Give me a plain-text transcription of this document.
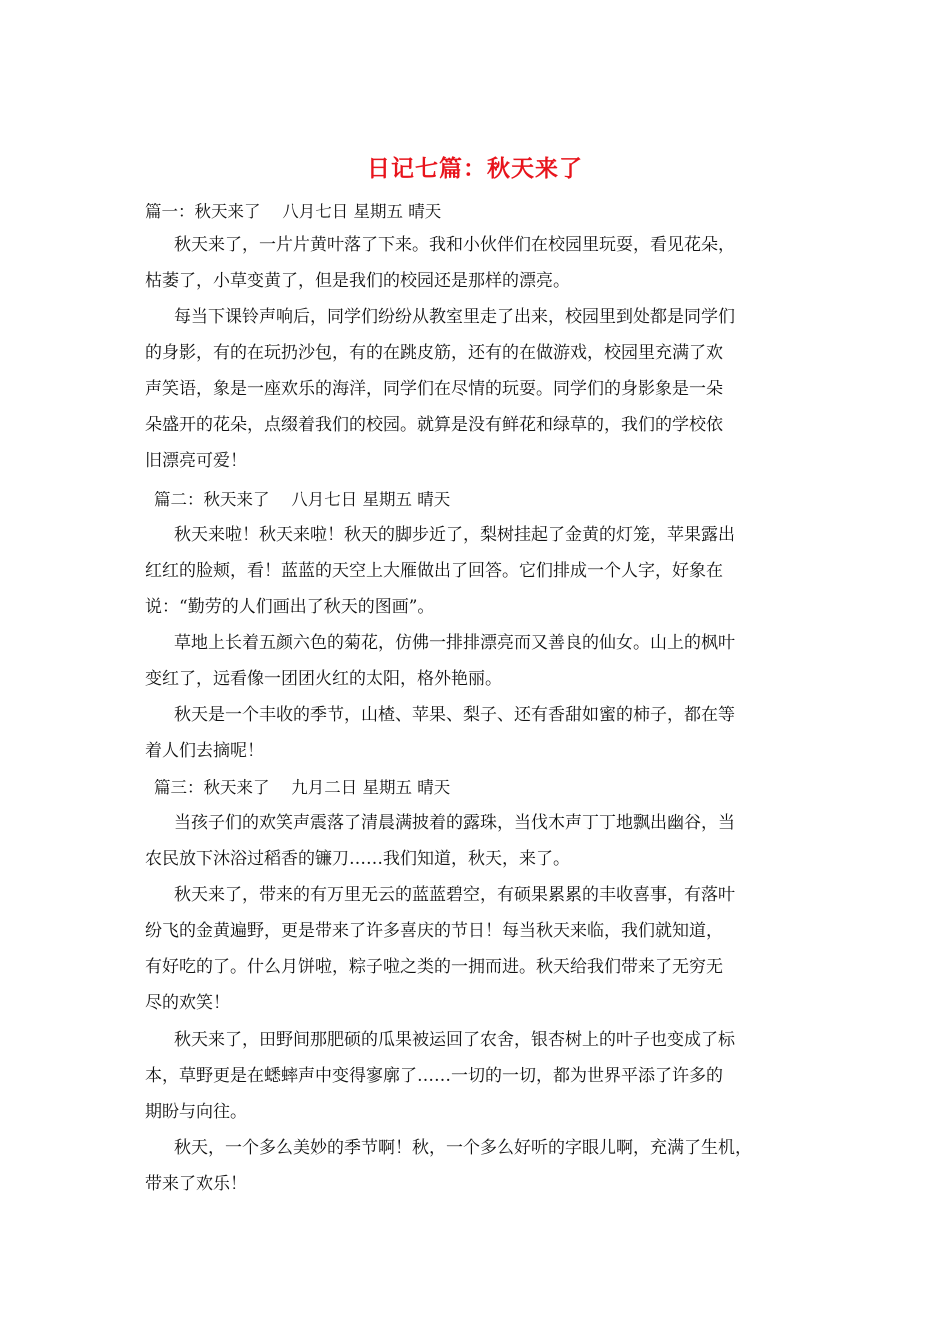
日记七篇：秋天来了
篇一：秋天来了　 八月七日 星期五 晴天
秋天来了，一片片黄叶落了下来。我和小伙伴们在校园里玩耍，看见花朵，
枯萎了，小草变黄了，但是我们的校园还是那样的漂亮。
每当下课铃声响后，同学们纷纷从教室里走了出来，校园里到处都是同学们
的身影，有的在玩扔沙包，有的在跳皮筋，还有的在做游戏，校园里充满了欢
声笑语，象是一座欢乐的海洋，同学们在尽情的玩耍。同学们的身影象是一朵
朵盛开的花朵，点缀着我们的校园。就算是没有鲜花和绿草的，我们的学校依
旧漂亮可爱！
篇二：秋天来了　 八月七日 星期五 晴天
秋天来啦！秋天来啦！秋天的脚步近了，梨树挂起了金黄的灯笼，苹果露出
红红的脸颊，看！蓝蓝的天空上大雁做出了回答。它们排成一个人字，好象在
说：“勤劳的人们画出了秋天的图画”。
草地上长着五颜六色的菊花，仿佛一排排漂亮而又善良的仙女。山上的枫叶
变红了，远看像一团团火红的太阳，格外艳丽。
秋天是一个丰收的季节，山楂、苹果、梨子、还有香甜如蜜的柿子，都在等
着人们去摘呢！
篇三：秋天来了　 九月二日 星期五 晴天
当孩子们的欢笑声震落了清晨满披着的露珠，当伐木声丁丁地飘出幽谷，当
农民放下沐浴过稻香的镰刀……我们知道，秋天，来了。
秋天来了，带来的有万里无云的蓝蓝碧空，有硕果累累的丰收喜事，有落叶
纷飞的金黄遍野，更是带来了许多喜庆的节日！每当秋天来临，我们就知道，
有好吃的了。什么月饼啦，粽子啦之类的一拥而进。秋天给我们带来了无穷无
尽的欢笑！
秋天来了，田野间那肥硕的瓜果被运回了农舍，银杏树上的叶子也变成了标
本，草野更是在蟋蟀声中变得寥廓了……一切的一切，都为世界平添了许多的
期盼与向往。
秋天，一个多么美妙的季节啊！秋，一个多么好听的字眼儿啊，充满了生机，
带来了欢乐！
